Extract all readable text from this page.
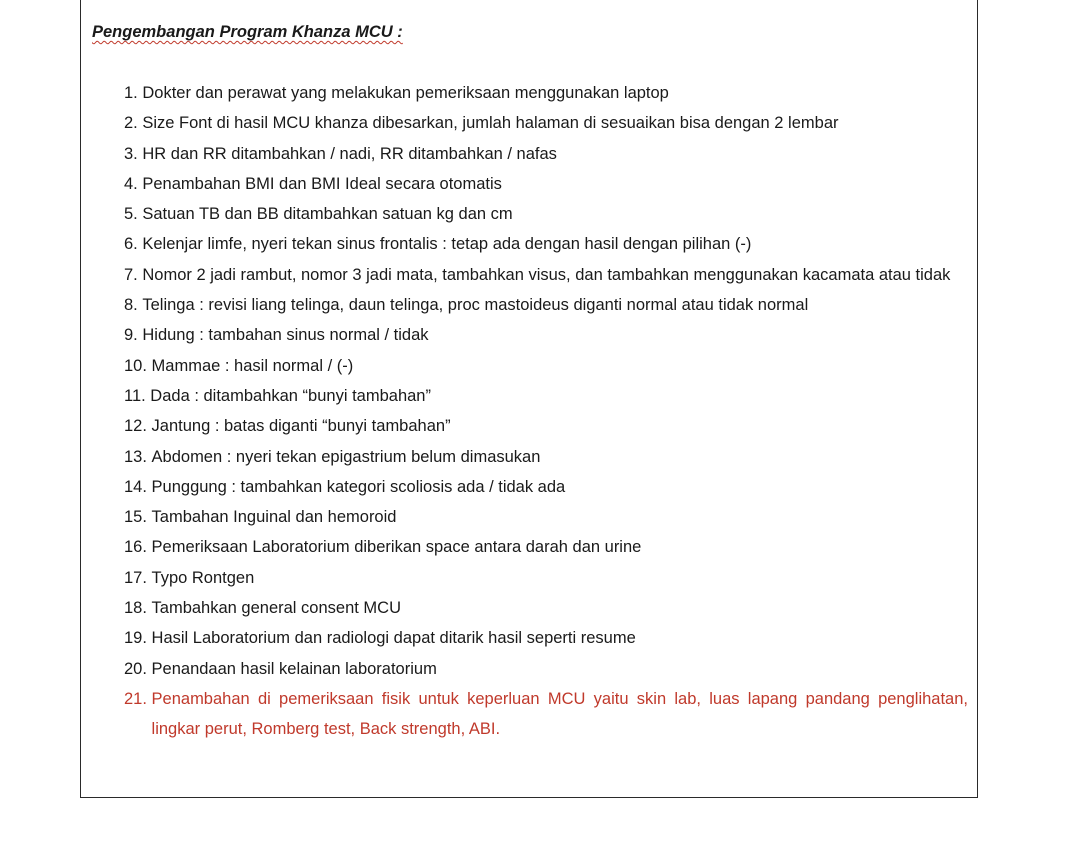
Pengembangan Program Khanza MCU :

1. Dokter dan perawat yang melakukan pemeriksaan menggunakan laptop
2. Size Font di hasil MCU khanza dibesarkan, jumlah halaman di sesuaikan bisa dengan 2 lembar
3. HR dan RR ditambahkan / nadi, RR ditambahkan / nafas
4. Penambahan BMI dan BMI Ideal secara otomatis
5. Satuan TB dan BB ditambahkan satuan kg dan cm
6. Kelenjar limfe, nyeri tekan sinus frontalis : tetap ada dengan hasil dengan pilihan (-)
7. Nomor 2 jadi rambut, nomor 3 jadi mata, tambahkan visus, dan tambahkan menggunakan kacamata atau tidak
8. Telinga : revisi liang telinga, daun telinga, proc mastoideus diganti normal atau tidak normal
9. Hidung : tambahan sinus normal / tidak
10. Mammae : hasil normal / (-)
11. Dada : ditambahkan “bunyi tambahan”
12. Jantung : batas diganti “bunyi tambahan”
13. Abdomen : nyeri tekan epigastrium belum dimasukan
14. Punggung : tambahkan kategori scoliosis ada / tidak ada
15. Tambahan Inguinal dan hemoroid
16. Pemeriksaan Laboratorium diberikan space antara darah dan urine
17. Typo Rontgen
18. Tambahkan general consent MCU
19. Hasil Laboratorium dan radiologi dapat ditarik hasil seperti resume
20. Penandaan hasil kelainan laboratorium
21. Penambahan di pemeriksaan fisik untuk keperluan MCU yaitu skin lab, luas lapang pandang penglihatan, lingkar perut, Romberg test, Back strength, ABI.
